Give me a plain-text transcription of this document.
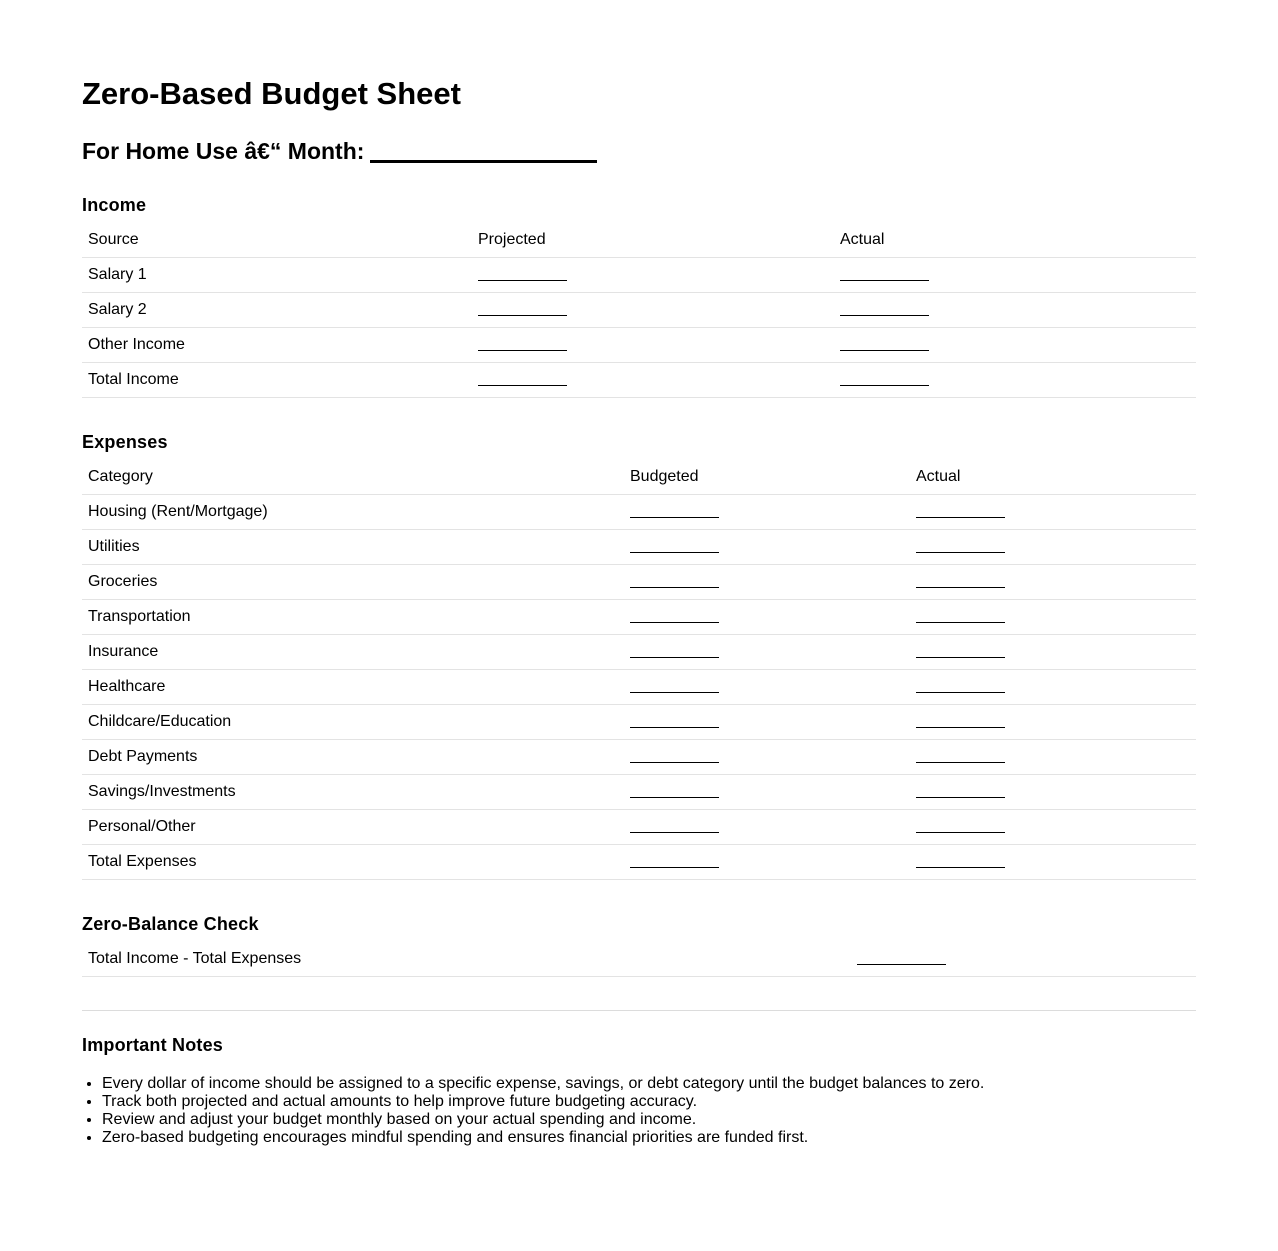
Zero-Based Budget Sheet
For Home Use â€“ Month:
Income
Source	Projected	Actual
Salary 1		
Salary 2		
Other Income		
Total Income		
Expenses
Category	Budgeted	Actual
Housing (Rent/Mortgage)		
Utilities		
Groceries		
Transportation		
Insurance		
Healthcare		
Childcare/Education		
Debt Payments		
Savings/Investments		
Personal/Other		
Total Expenses		
Zero-Balance Check
Total Income - Total Expenses	
Important Notes
• Every dollar of income should be assigned to a specific expense, savings, or debt category until the budget balances to zero.
• Track both projected and actual amounts to help improve future budgeting accuracy.
• Review and adjust your budget monthly based on your actual spending and income.
• Zero-based budgeting encourages mindful spending and ensures financial priorities are funded first.
